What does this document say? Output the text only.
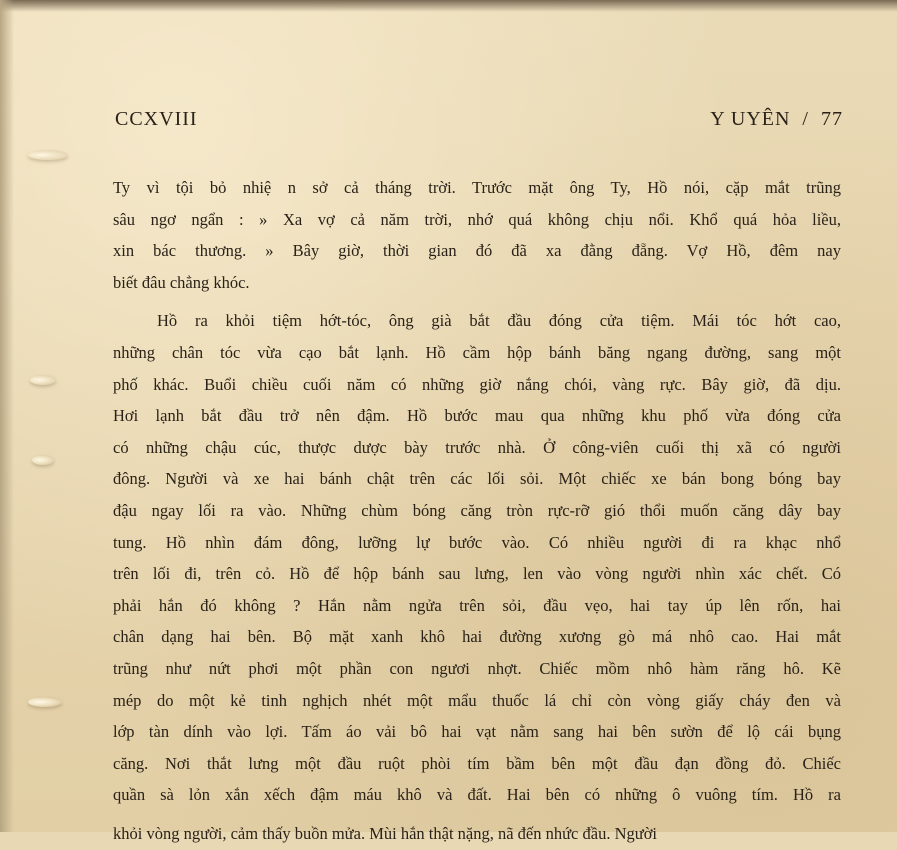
CCXVIII	Y UYÊN  /  77
Ty vì tội bỏ nhiệ n sở cả tháng trời. Trước mặt ông Ty, Hồ nói, cặp mắt trũng
sâu ngơ ngẩn : » Xa vợ cả năm trời, nhớ quá không chịu nổi. Khổ quá hỏa liều,
xin bác thương. » Bây giờ, thời gian đó đã xa đằng đẵng. Vợ Hồ, đêm nay
biết đâu chẳng khóc.
Hồ ra khỏi tiệm hớt-tóc, ông già bắt đầu đóng cửa tiệm. Mái tóc hớt cao,
những chân tóc vừa cạo bắt lạnh. Hồ cầm hộp bánh băng ngang đường, sang một
phố khác. Buổi chiều cuối năm có những giờ nắng chói, vàng rực. Bây giờ, đã dịu.
Hơi lạnh bắt đầu trở nên đậm. Hồ bước mau qua những khu phố vừa đóng cửa
có những chậu cúc, thược dược bày trước nhà. Ở công-viên cuối thị xã có người
đông. Người và xe hai bánh chật trên các lối sỏi. Một chiếc xe bán bong bóng bay
đậu ngay lối ra vào. Những chùm bóng căng tròn rực-rỡ gió thổi muốn căng dây bay
tung. Hồ nhìn đám đông, lưỡng lự bước vào. Có nhiều người đi ra khạc nhổ
trên lối đi, trên cỏ. Hồ để hộp bánh sau lưng, len vào vòng người nhìn xác chết. Có
phải hắn đó không ? Hắn nằm ngửa trên sỏi, đầu vẹo, hai tay úp lên rốn, hai
chân dạng hai bên. Bộ mặt xanh khô hai đường xương gò má nhô cao. Hai mắt
trũng như nứt phơi một phần con ngươi nhợt. Chiếc mồm nhô hàm răng hô. Kẽ
mép do một kẻ tinh nghịch nhét một mẩu thuốc lá chỉ còn vòng giấy cháy đen và
lớp tàn dính vào lợi. Tấm áo vải bô hai vạt nằm sang hai bên sườn để lộ cái bụng
căng. Nơi thắt lưng một đầu ruột phòi tím bầm bên một đầu đạn đồng đỏ. Chiếc
quần sà lỏn xắn xếch đậm máu khô và đất. Hai bên có những ô vuông tím. Hồ ra
khỏi vòng người, cảm thấy buồn mửa. Mùi hắn thật nặng, nã đến nhức đầu. Người
